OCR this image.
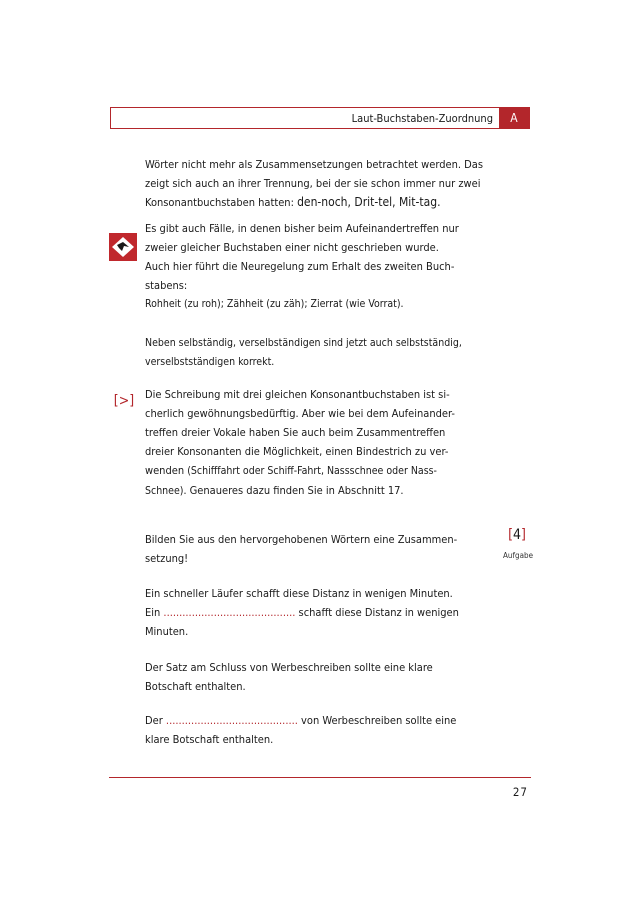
Laut-Buchstaben-Zuordnung	A
Wörter nicht mehr als Zusammensetzungen betrachtet werden. Das
zeigt sich auch an ihrer Trennung, bei der sie schon immer nur zwei
Konsonantbuchstaben hatten: den-noch, Drit-tel, Mit-tag.
Es gibt auch Fälle, in denen bisher beim Aufeinandertreffen nur
zweier gleicher Buchstaben einer nicht geschrieben wurde.
Auch hier führt die Neuregelung zum Erhalt des zweiten Buch-
stabens:
Rohheit (zu roh); Zähheit (zu zäh); Zierrat (wie Vorrat).
Neben selbständig, verselbständigen sind jetzt auch selbstständig,
verselbstständigen korrekt.
[>] Die Schreibung mit drei gleichen Konsonantbuchstaben ist si-
cherlich gewöhnungsbedürftig. Aber wie bei dem Aufeinander-
treffen dreier Vokale haben Sie auch beim Zusammentreffen
dreier Konsonanten die Möglichkeit, einen Bindestrich zu ver-
wenden (Schifffahrt oder Schiff-Fahrt, Nassschnee oder Nass-
Schnee). Genaueres dazu finden Sie in Abschnitt 17.
[4]
Aufgabe
Bilden Sie aus den hervorgehobenen Wörtern eine Zusammen-
setzung!
Ein schneller Läufer schafft diese Distanz in wenigen Minuten.
Ein .......................................... schafft diese Distanz in wenigen
Minuten.
Der Satz am Schluss von Werbeschreiben sollte eine klare
Botschaft enthalten.
Der .......................................... von Werbeschreiben sollte eine
klare Botschaft enthalten.
27
